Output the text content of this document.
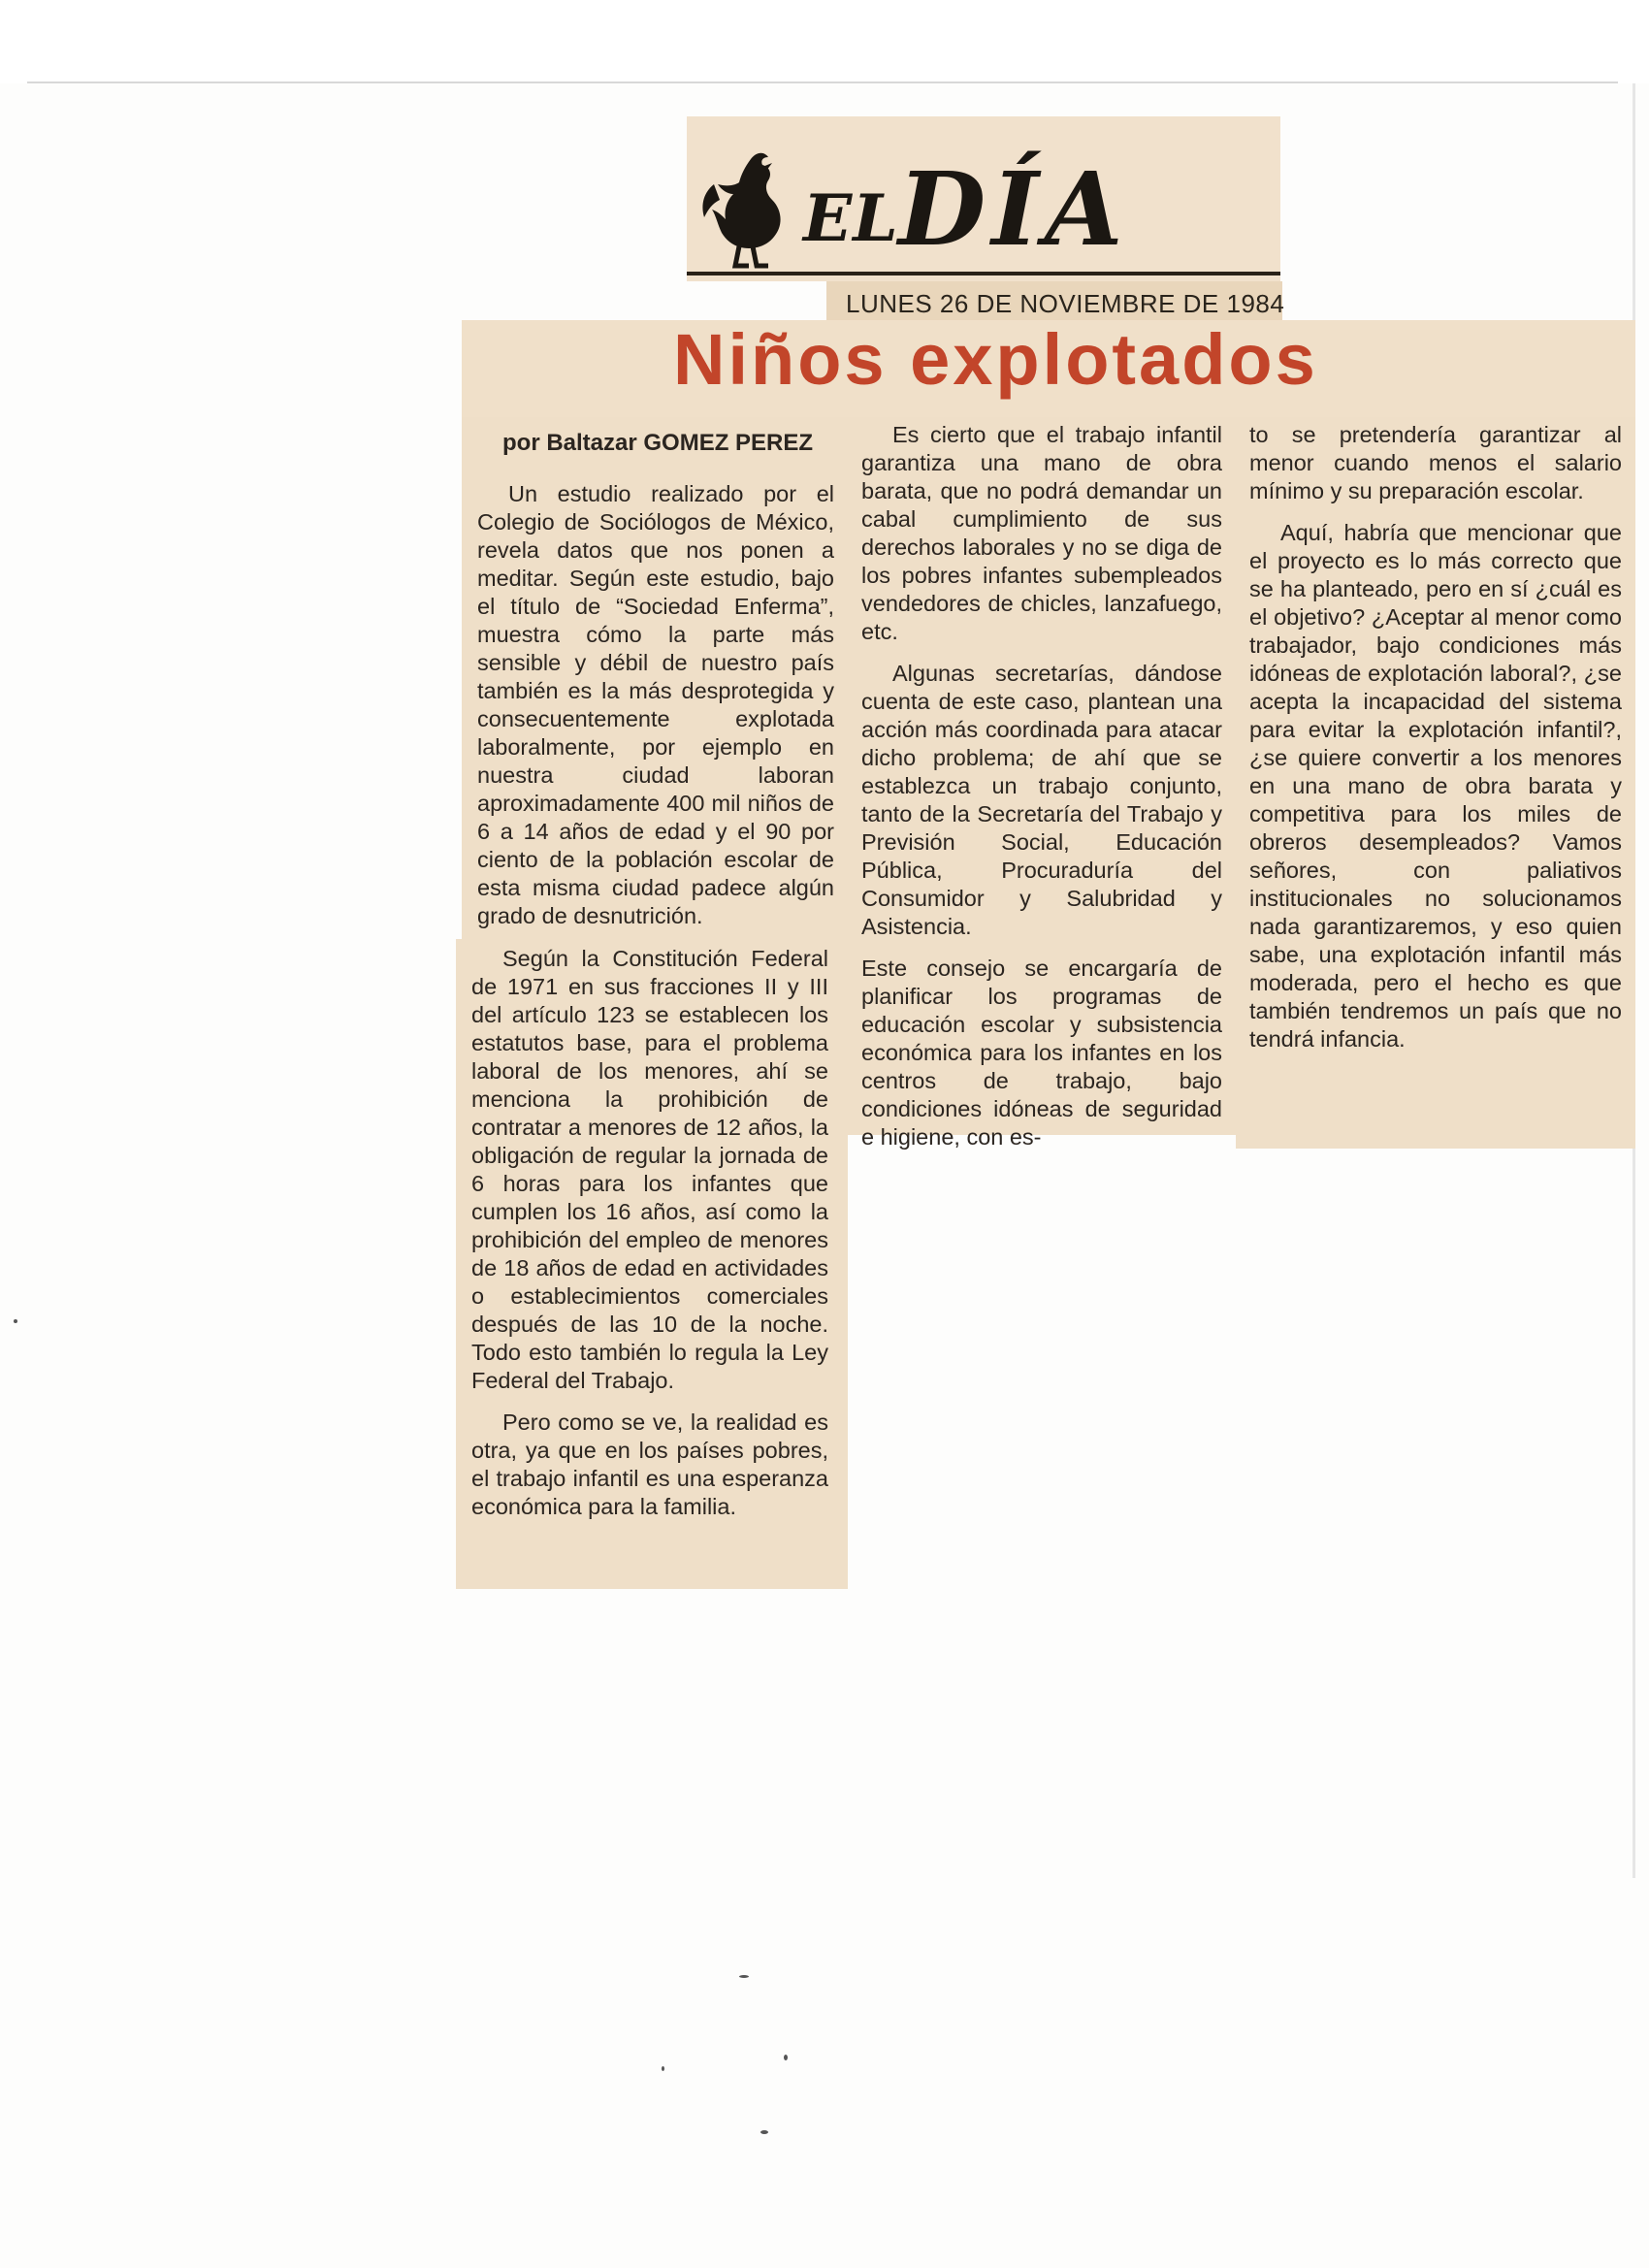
EL DÍA
LUNES 26 DE NOVIEMBRE DE 1984
Niños explotados
por Baltazar GOMEZ PEREZ

Un estudio realizado por el Colegio de Sociólogos de México, revela datos que nos ponen a meditar. Según este estudio, bajo el título de “Sociedad Enferma”, muestra cómo la parte más sensible y débil de nuestro país también es la más desprotegida y consecuentemente explotada laboralmente, por ejemplo en nuestra ciudad laboran aproximadamente 400 mil niños de 6 a 14 años de edad y el 90 por ciento de la población escolar de esta misma ciudad padece algún grado de desnutrición.

Según la Constitución Federal de 1971 en sus fracciones II y III del artículo 123 se establecen los estatutos base, para el problema laboral de los menores, ahí se menciona la prohibición de contratar a menores de 12 años, la obligación de regular la jornada de 6 horas para los infantes que cumplen los 16 años, así como la prohibición del empleo de menores de 18 años de edad en actividades o establecimientos comerciales después de las 10 de la noche. Todo esto también lo regula la Ley Federal del Trabajo.

Pero como se ve, la realidad es otra, ya que en los países pobres, el trabajo infantil es una esperanza económica para la familia.

Es cierto que el trabajo infantil garantiza una mano de obra barata, que no podrá demandar un cabal cumplimiento de sus derechos laborales y no se diga de los pobres infantes subempleados vendedores de chicles, lanzafuego, etc.

Algunas secretarías, dándose cuenta de este caso, plantean una acción más coordinada para atacar dicho problema; de ahí que se establezca un trabajo conjunto, tanto de la Secretaría del Trabajo y Previsión Social, Educación Pública, Procuraduría del Consumidor y Salubridad y Asistencia.

Este consejo se encargaría de planificar los programas de educación escolar y subsistencia económica para los infantes en los centros de trabajo, bajo condiciones idóneas de seguridad e higiene, con es-

to se pretendería garantizar al menor cuando menos el salario mínimo y su preparación escolar.

Aquí, habría que mencionar que el proyecto es lo más correcto que se ha planteado, pero en sí ¿cuál es el objetivo? ¿Aceptar al menor como trabajador, bajo condiciones más idóneas de explotación laboral?, ¿se acepta la incapacidad del sistema para evitar la explotación infantil?, ¿se quiere convertir a los menores en una mano de obra barata y competitiva para los miles de obreros desempleados? Vamos señores, con paliativos institucionales no solucionamos nada garantizaremos, y eso quien sabe, una explotación infantil más moderada, pero el hecho es que también tendremos un país que no tendrá infancia.
